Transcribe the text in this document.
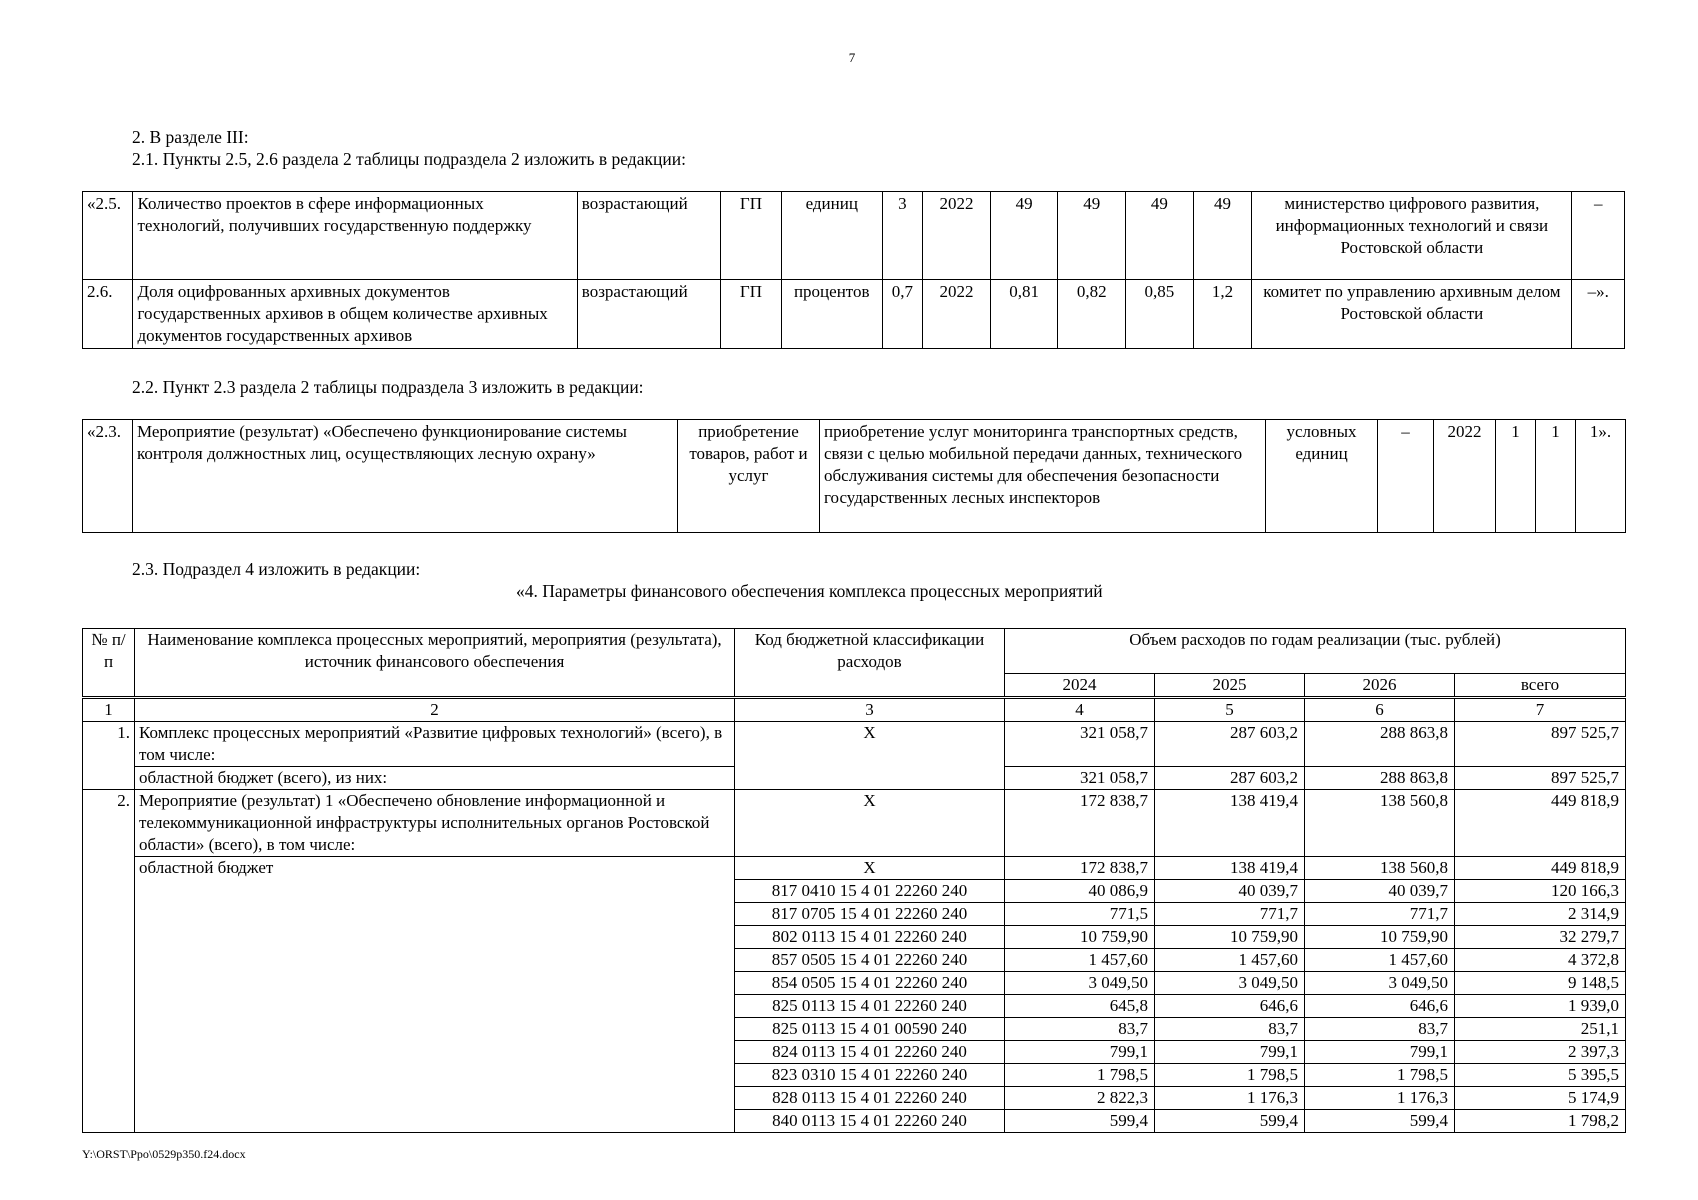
7
2. В разделе III:
2.1. Пункты 2.5, 2.6 раздела 2 таблицы подраздела 2 изложить в редакции:
«2.5.	Количество проектов в сфере информационных технологий, получивших государственную поддержку	возрастающий	ГП	единиц	3	2022	49	49	49	49	министерство цифрового развития, информационных технологий и связи Ростовской области	–
2.6.	Доля оцифрованных архивных документов государственных архивов в общем количестве архивных документов государственных архивов	возрастающий	ГП	процентов	0,7	2022	0,81	0,82	0,85	1,2	комитет по управлению архивным делом Ростовской области	–».
2.2. Пункт 2.3 раздела 2 таблицы подраздела 3 изложить в редакции:
«2.3.	Мероприятие (результат) «Обеспечено функционирование системы контроля должностных лиц, осуществляющих лесную охрану»	приобретение товаров, работ и услуг	приобретение услуг мониторинга транспортных средств, связи с целью мобильной передачи данных, технического обслуживания системы для обеспечения безопасности государственных лесных инспекторов	условных единиц	–	2022	1	1	1».
2.3. Подраздел 4 изложить в редакции:
«4. Параметры финансового обеспечения комплекса процессных мероприятий
№ п/п	Наименование комплекса процессных мероприятий, мероприятия (результата), источник финансового обеспечения	Код бюджетной классификации расходов	Объем расходов по годам реализации (тыс. рублей)			
			2024	2025	2026	всего
1	2	3	4	5	6	7
1.	Комплекс процессных мероприятий «Развитие цифровых технологий» (всего), в том числе:	X	321 058,7	287 603,2	288 863,8	897 525,7
	областной бюджет (всего), из них:		321 058,7	287 603,2	288 863,8	897 525,7
2.	Мероприятие (результат) 1 «Обеспечено обновление информационной и телекоммуникационной инфраструктуры исполнительных органов Ростовской области» (всего), в том числе:	X	172 838,7	138 419,4	138 560,8	449 818,9
	областной бюджет	X	172 838,7	138 419,4	138 560,8	449 818,9
		817 0410 15 4 01 22260 240	40 086,9	40 039,7	40 039,7	120 166,3
		817 0705 15 4 01 22260 240	771,5	771,7	771,7	2 314,9
		802 0113 15 4 01 22260 240	10 759,90	10 759,90	10 759,90	32 279,7
		857 0505 15 4 01 22260 240	1 457,60	1 457,60	1 457,60	4 372,8
		854 0505 15 4 01 22260 240	3 049,50	3 049,50	3 049,50	9 148,5
		825 0113 15 4 01 22260 240	645,8	646,6	646,6	1 939,0
		825 0113 15 4 01 00590 240	83,7	83,7	83,7	251,1
		824 0113 15 4 01 22260 240	799,1	799,1	799,1	2 397,3
		823 0310 15 4 01 22260 240	1 798,5	1 798,5	1 798,5	5 395,5
		828 0113 15 4 01 22260 240	2 822,3	1 176,3	1 176,3	5 174,9
		840 0113 15 4 01 22260 240	599,4	599,4	599,4	1 798,2
Y:\ORST\Ppo\0529p350.f24.docx
